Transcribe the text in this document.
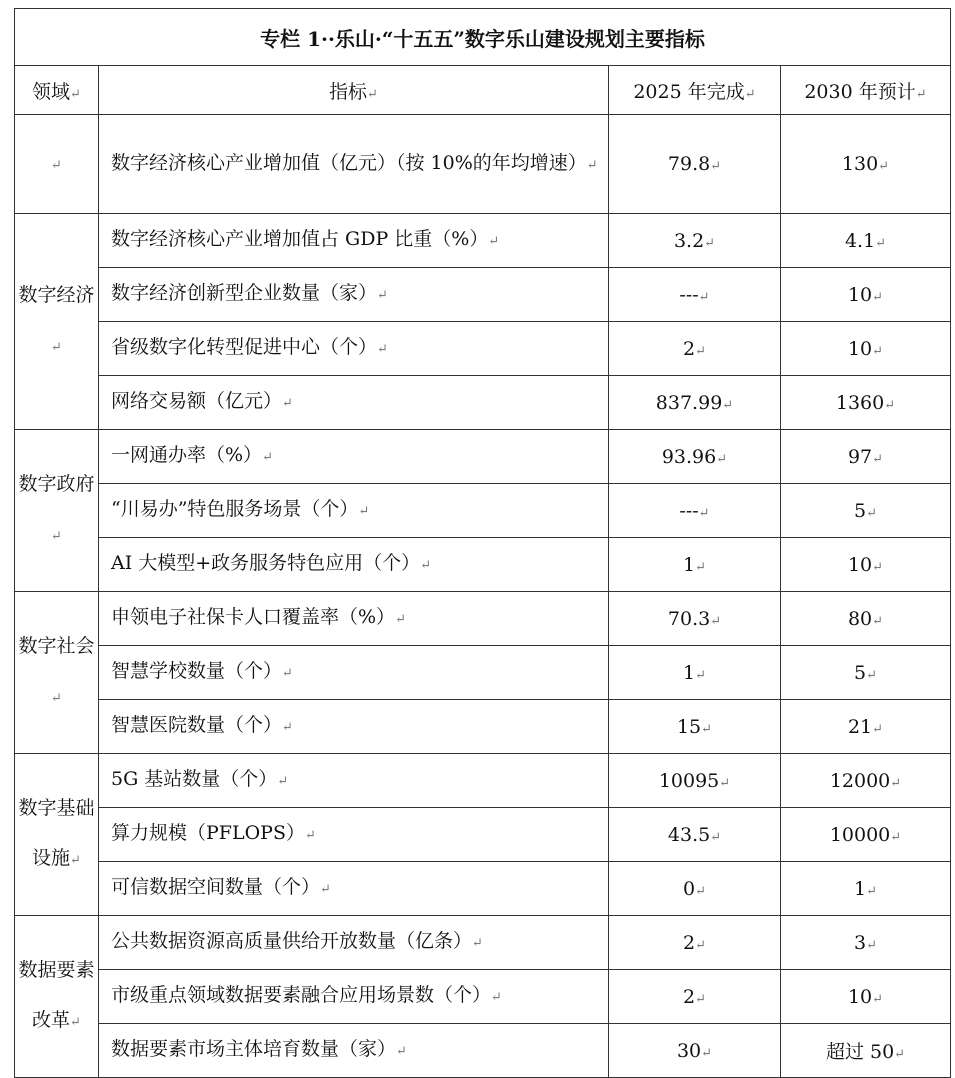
专栏 1··乐山·“十五五”数字乐山建设规划主要指标			
领域↵	指标↵	2025 年完成↵	2030 年预计↵
↵	数字经济核心产业增加值（亿元）（按 10%的年均增速）↵	79.8↵	130↵
数字经济↵	数字经济核心产业增加值占 GDP 比重（%）↵	3.2↵	4.1↵
	数字经济创新型企业数量（家）↵	---↵	10↵
	省级数字化转型促进中心（个）↵	2↵	10↵
	网络交易额（亿元）↵	837.99↵	1360↵
数字政府↵	一网通办率（%）↵	93.96↵	97↵
	“川易办”特色服务场景（个）↵	---↵	5↵
	AI 大模型+政务服务特色应用（个）↵	1↵	10↵
数字社会↵	申领电子社保卡人口覆盖率（%）↵	70.3↵	80↵
	智慧学校数量（个）↵	1↵	5↵
	智慧医院数量（个）↵	15↵	21↵
数字基础设施↵	5G 基站数量（个）↵	10095↵	12000↵
	算力规模（PFLOPS）↵	43.5↵	10000↵
	可信数据空间数量（个）↵	0↵	1↵
数据要素改革↵	公共数据资源高质量供给开放数量（亿条）↵	2↵	3↵
	市级重点领域数据要素融合应用场景数（个）↵	2↵	10↵
	数据要素市场主体培育数量（家）↵	30↵	超过 50↵
